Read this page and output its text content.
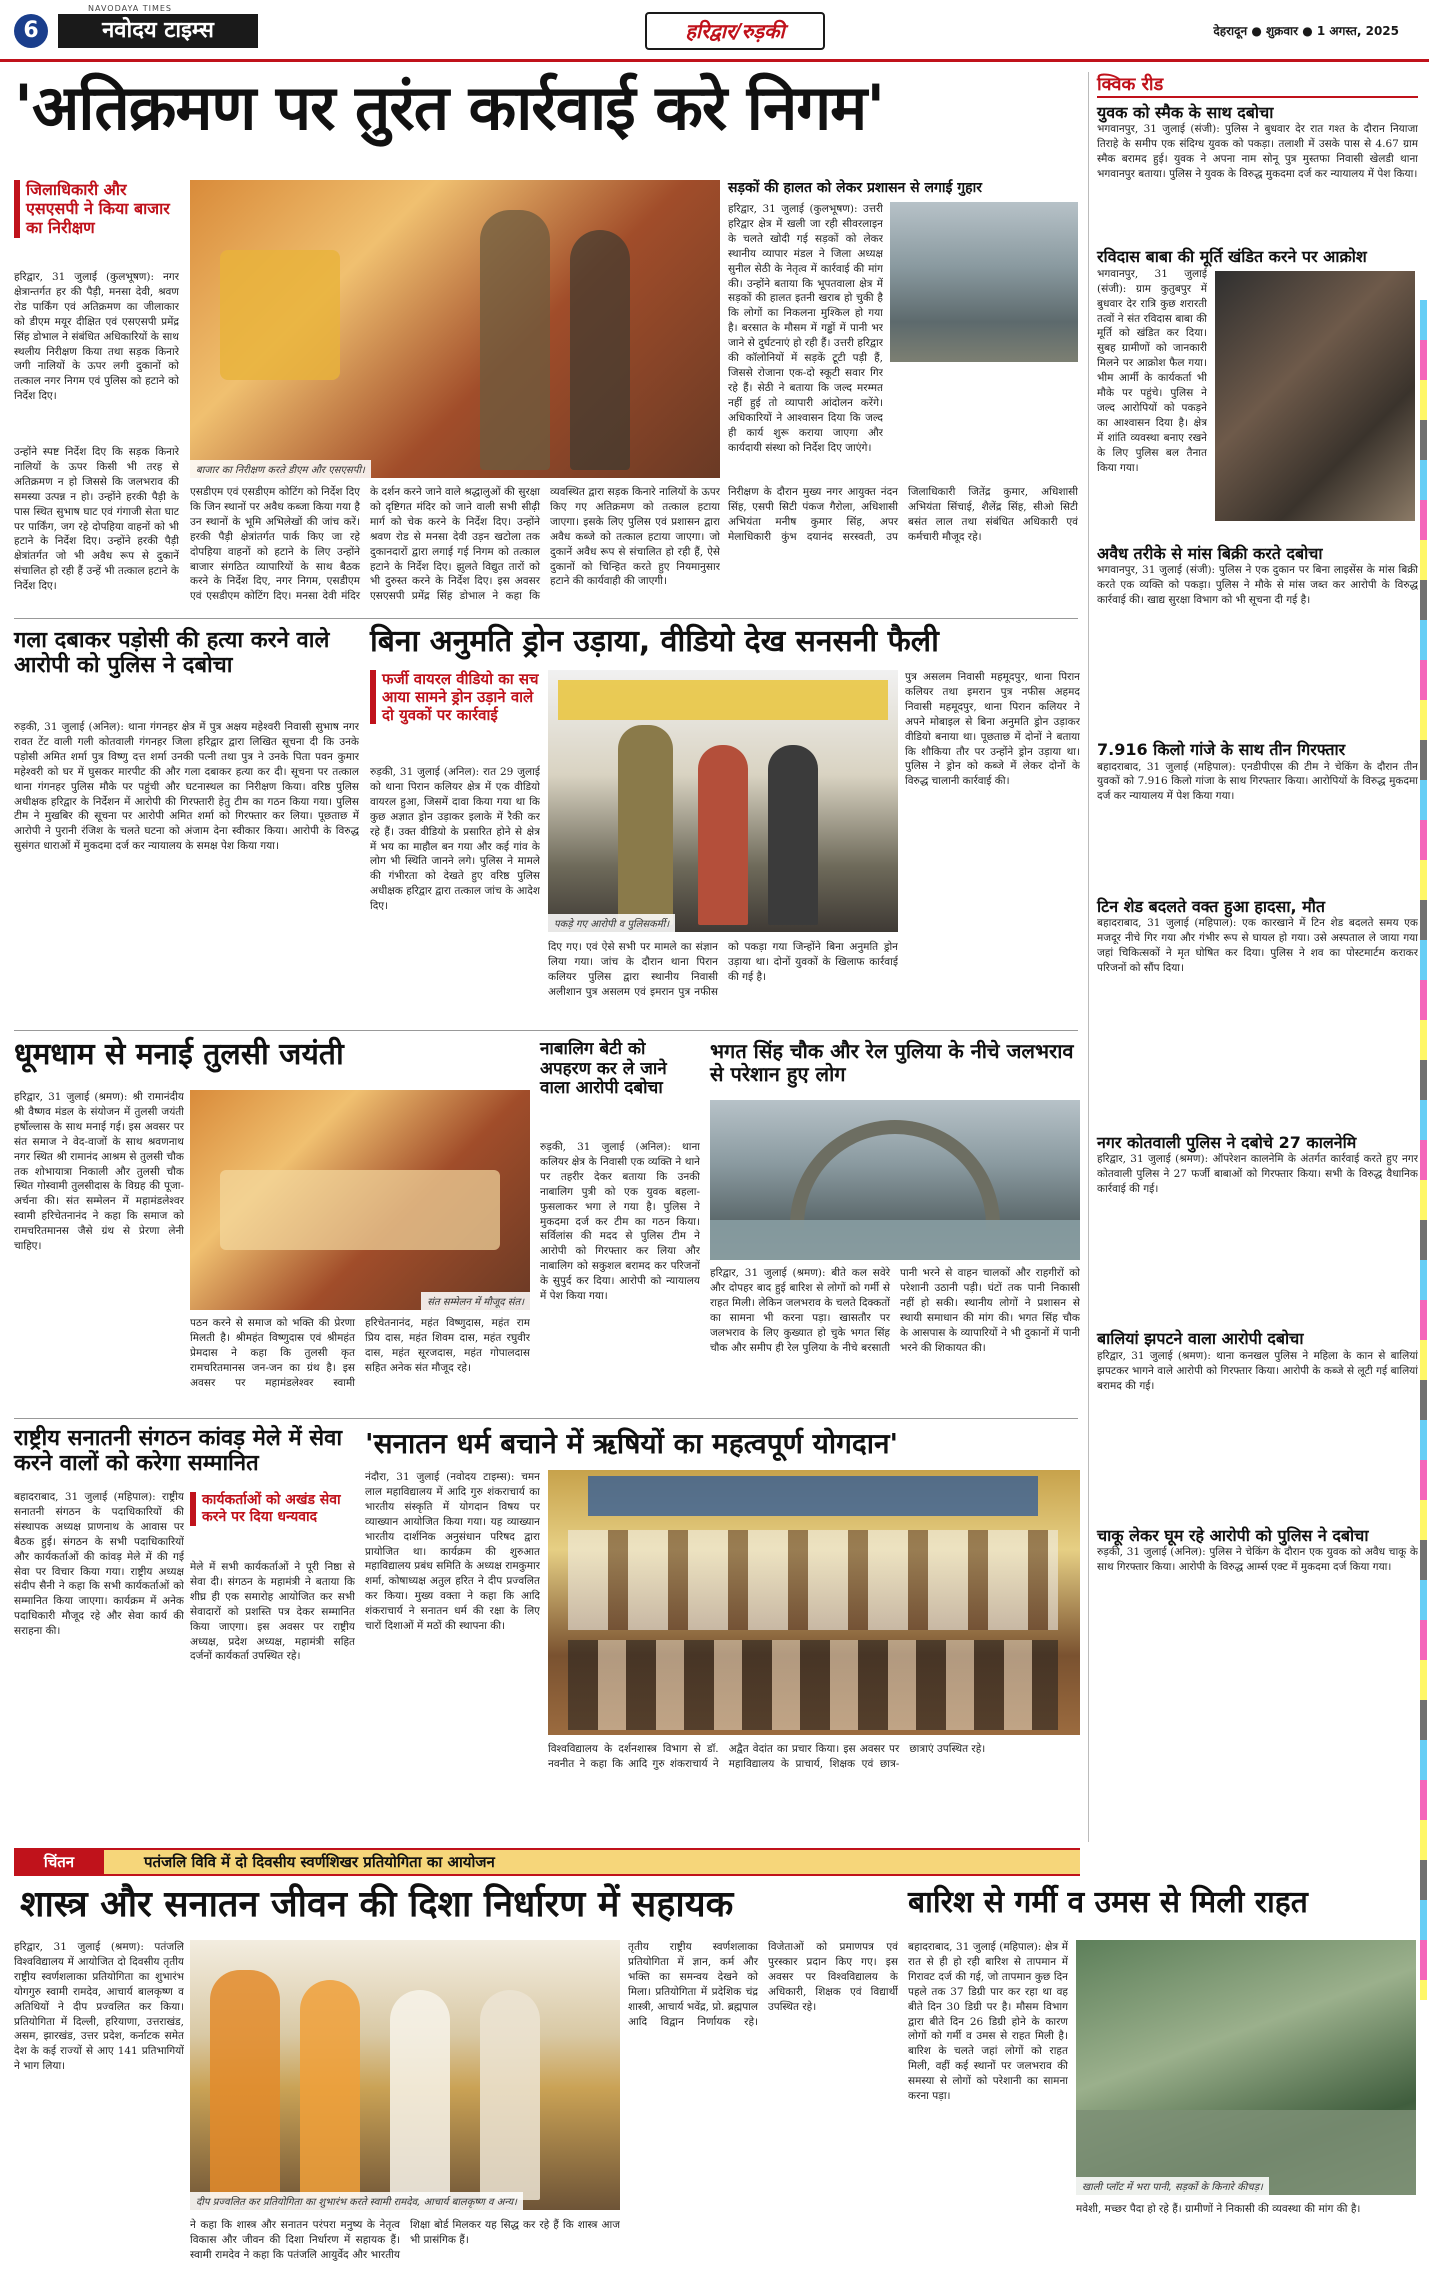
6
NAVODAYA TIMES
नवोदय टाइम्स	हरिद्वार/रुड़की	देहरादून ● शुक्रवार ● 1 अगस्त, 2025
'अतिक्रमण पर तुरंत कार्रवाई करे निगम'
जिलाधिकारी और एसएसपी ने किया बाजार का निरीक्षण
हरिद्वार, 31 जुलाई (कुलभूषण): नगर क्षेत्रान्तर्गत हर की पैड़ी, मनसा देवी, श्रवण रोड पार्किंग एवं अतिक्रमण का जीलाकार को डीएम मयूर दीक्षित एवं एसएसपी प्रमेंद्र सिंह डोभाल ने संबंधित अधिकारियों के साथ स्थलीय निरीक्षण किया तथा सड़क किनारे जगी नालियों के ऊपर लगी दुकानों को तत्काल नगर निगम एवं पुलिस को हटाने को निर्देश दिए।
उन्होंने स्पष्ट निर्देश दिए कि सड़क किनारे नालियों के ऊपर किसी भी तरह से अतिक्रमण न हो जिससे कि जलभराव की समस्या उत्पन्न न हो। उन्होंने हरकी पैड़ी के पास स्थित सुभाष घाट एवं गंगाजी सेता घाट पर पार्किंग, जग रहे दोपहिया वाहनों को भी हटाने के निर्देश दिए। उन्होंने हरकी पैड़ी क्षेत्रांतर्गत जो भी अवैध रूप से दुकानें संचालित हो रही हैं उन्हें भी तत्काल हटाने के निर्देश दिए।
बाजार का निरीक्षण करते डीएम और एसएसपी।
सड़कों की हालत को लेकर प्रशासन से लगाई गुहार
हरिद्वार, 31 जुलाई (कुलभूषण): उत्तरी हरिद्वार क्षेत्र में खली जा रही सीवरलाइन के चलते खोदी गई सड़कों को लेकर स्थानीय व्यापार मंडल ने जिला अध्यक्ष सुनील सेठी के नेतृत्व में कार्रवाई की मांग की। उन्होंने बताया कि भूपतवाला क्षेत्र में सड़कों की हालत इतनी खराब हो चुकी है कि लोगों का निकलना मुश्किल हो गया है। बरसात के मौसम में गड्ढों में पानी भर जाने से दुर्घटनाएं हो रही हैं। उत्तरी हरिद्वार की कॉलोनियों में सड़कें टूटी पड़ी हैं, जिससे रोजाना एक-दो स्कूटी सवार गिर रहे हैं। सेठी ने बताया कि जल्द मरम्मत नहीं हुई तो व्यापारी आंदोलन करेंगे। अधिकारियों ने आश्वासन दिया कि जल्द ही कार्य शुरू कराया जाएगा और कार्यदायी संस्था को निर्देश दिए जाएंगे।
एसडीएम एवं एसडीएम कोटिंग को निर्देश दिए कि जिन स्थानों पर अवैध कब्जा किया गया है उन स्थानों के भूमि अभिलेखों की जांच करें। हरकी पैड़ी क्षेत्रांतर्गत पार्क किए जा रहे दोपहिया वाहनों को हटाने के लिए उन्होंने बाजार संगठित व्यापारियों के साथ बैठक करने के निर्देश दिए, नगर निगम, एसडीएम एवं एसडीएम कोटिंग दिए। मनसा देवी मंदिर के दर्शन करने जाने वाले श्रद्धालुओं की सुरक्षा को दृष्टिगत मंदिर को जाने वाली सभी सीढ़ी मार्ग को चेक करने के निर्देश दिए। उन्होंने श्रवण रोड से मनसा देवी उड़न खटोला तक दुकानदारों द्वारा लगाई गई निगम को तत्काल हटाने के निर्देश दिए। झुलते विद्युत तारों को भी दुरुस्त करने के निर्देश दिए। इस अवसर एसएसपी प्रमेंद्र सिंह डोभाल ने कहा कि व्यवस्थित द्वारा सड़क किनारे नालियों के ऊपर किए गए अतिक्रमण को तत्काल हटाया जाएगा। इसके लिए पुलिस एवं प्रशासन द्वारा अवैध कब्जे को तत्काल हटाया जाएगा। जो दुकानें अवैध रूप से संचालित हो रही हैं, ऐसे दुकानों को चिन्हित करते हुए नियमानुसार हटाने की कार्यवाही की जाएगी।
निरीक्षण के दौरान मुख्य नगर आयुक्त नंदन सिंह, एसपी सिटी पंकज गैरोला, अधिशासी अभियंता मनीष कुमार सिंह, अपर मेलाधिकारी कुंभ दयानंद सरस्वती, उप जिलाधिकारी जितेंद्र कुमार, अधिशासी अभियंता सिंचाई, शैलेंद्र सिंह, सीओ सिटी बसंत लाल तथा संबंधित अधिकारी एवं कर्मचारी मौजूद रहे।
गला दबाकर पड़ोसी की हत्या करने वाले आरोपी को पुलिस ने दबोचा
रुड़की, 31 जुलाई (अनिल): थाना गंगनहर क्षेत्र में पुत्र अक्षय महेश्वरी निवासी सुभाष नगर रावत टेंट वाली गली कोतवाली गंगनहर जिला हरिद्वार द्वारा लिखित सूचना दी कि उनके पड़ोसी अमित शर्मा पुत्र विष्णु दत्त शर्मा उनकी पत्नी तथा पुत्र ने उनके पिता पवन कुमार महेश्वरी को घर में घुसकर मारपीट की और गला दबाकर हत्या कर दी। सूचना पर तत्काल थाना गंगनहर पुलिस मौके पर पहुंची और घटनास्थल का निरीक्षण किया। वरिष्ठ पुलिस अधीक्षक हरिद्वार के निर्देशन में आरोपी की गिरफ्तारी हेतु टीम का गठन किया गया। पुलिस टीम ने मुखबिर की सूचना पर आरोपी अमित शर्मा को गिरफ्तार कर लिया। पूछताछ में आरोपी ने पुरानी रंजिश के चलते घटना को अंजाम देना स्वीकार किया। आरोपी के विरुद्ध सुसंगत धाराओं में मुकदमा दर्ज कर न्यायालय के समक्ष पेश किया गया।
बिना अनुमति ड्रोन उड़ाया, वीडियो देख सनसनी फैली
फर्जी वायरल वीडियो का सच आया सामने ड्रोन उड़ाने वाले दो युवकों पर कार्रवाई
रुड़की, 31 जुलाई (अनिल): रात 29 जुलाई को थाना पिरान कलियर क्षेत्र में एक वीडियो वायरल हुआ, जिसमें दावा किया गया था कि कुछ अज्ञात ड्रोन उड़ाकर इलाके में रैकी कर रहे हैं। उक्त वीडियो के प्रसारित होने से क्षेत्र में भय का माहौल बन गया और कई गांव के लोग भी स्थिति जानने लगे। पुलिस ने मामले की गंभीरता को देखते हुए वरिष्ठ पुलिस अधीक्षक हरिद्वार द्वारा तत्काल जांच के आदेश दिए।
पकड़े गए आरोपी व पुलिसकर्मी।
दिए गए। एवं ऐसे सभी पर मामले का संज्ञान लिया गया। जांच के दौरान थाना पिरान कलियर पुलिस द्वारा स्थानीय निवासी अलीशान पुत्र असलम एवं इमरान पुत्र नफीस को पकड़ा गया जिन्होंने बिना अनुमति ड्रोन उड़ाया था। दोनों युवकों के खिलाफ कार्रवाई की गई है।
पुत्र असलम निवासी महमूदपुर, थाना पिरान कलियर तथा इमरान पुत्र नफीस अहमद निवासी महमूदपुर, थाना पिरान कलियर ने अपने मोबाइल से बिना अनुमति ड्रोन उड़ाकर वीडियो बनाया था। पूछताछ में दोनों ने बताया कि शौकिया तौर पर उन्होंने ड्रोन उड़ाया था। पुलिस ने ड्रोन को कब्जे में लेकर दोनों के विरुद्ध चालानी कार्रवाई की।
धूमधाम से मनाई तुलसी जयंती
हरिद्वार, 31 जुलाई (श्रमण): श्री रामानंदीय श्री वैष्णव मंडल के संयोजन में तुलसी जयंती हर्षोल्लास के साथ मनाई गई। इस अवसर पर संत समाज ने वेद-वाजों के साथ श्रवणनाथ नगर स्थित श्री रामानंद आश्रम से तुलसी चौक तक शोभायात्रा निकाली और तुलसी चौक स्थित गोस्वामी तुलसीदास के विग्रह की पूजा-अर्चना की। संत सम्मेलन में महामंडलेश्वर स्वामी हरिचेतनानंद ने कहा कि समाज को रामचरितमानस जैसे ग्रंथ से प्रेरणा लेनी चाहिए।
संत सम्मेलन में मौजूद संत।
पठन करने से समाज को भक्ति की प्रेरणा मिलती है। श्रीमहंत विष्णुदास एवं श्रीमहंत प्रेमदास ने कहा कि तुलसी कृत रामचरितमानस जन-जन का ग्रंथ है। इस अवसर पर महामंडलेश्वर स्वामी हरिचेतनानंद, महंत विष्णुदास, महंत राम प्रिय दास, महंत शिवम दास, महंत रघुवीर दास, महंत सूरजदास, महंत गोपालदास सहित अनेक संत मौजूद रहे।
नाबालिग बेटी को अपहरण कर ले जाने वाला आरोपी दबोचा
रुड़की, 31 जुलाई (अनिल): थाना कलियर क्षेत्र के निवासी एक व्यक्ति ने थाने पर तहरीर देकर बताया कि उनकी नाबालिग पुत्री को एक युवक बहला-फुसलाकर भगा ले गया है। पुलिस ने मुकदमा दर्ज कर टीम का गठन किया। सर्विलांस की मदद से पुलिस टीम ने आरोपी को गिरफ्तार कर लिया और नाबालिग को सकुशल बरामद कर परिजनों के सुपुर्द कर दिया। आरोपी को न्यायालय में पेश किया गया।
भगत सिंह चौक और रेल पुलिया के नीचे जलभराव से परेशान हुए लोग
हरिद्वार, 31 जुलाई (श्रमण): बीते कल सवेरे और दोपहर बाद हुई बारिश से लोगों को गर्मी से राहत मिली। लेकिन जलभराव के चलते दिक्कतों का सामना भी करना पड़ा। खासतौर पर जलभराव के लिए कुख्यात हो चुके भगत सिंह चौक और समीप ही रेल पुलिया के नीचे बरसाती पानी भरने से वाहन चालकों और राहगीरों को परेशानी उठानी पड़ी। घंटों तक पानी निकासी नहीं हो सकी। स्थानीय लोगों ने प्रशासन से स्थायी समाधान की मांग की। भगत सिंह चौक के आसपास के व्यापारियों ने भी दुकानों में पानी भरने की शिकायत की।
राष्ट्रीय सनातनी संगठन कांवड़ मेले में सेवा करने वालों को करेगा सम्मानित
बहादराबाद, 31 जुलाई (महिपाल): राष्ट्रीय सनातनी संगठन के पदाधिकारियों की संस्थापक अध्यक्ष प्राणनाथ के आवास पर बैठक हुई। संगठन के सभी पदाधिकारियों और कार्यकर्ताओं की कांवड़ मेले में की गई सेवा पर विचार किया गया। राष्ट्रीय अध्यक्ष संदीप सैनी ने कहा कि सभी कार्यकर्ताओं को सम्मानित किया जाएगा। कार्यक्रम में अनेक पदाधिकारी मौजूद रहे और सेवा कार्य की सराहना की।
कार्यकर्ताओं को अखंड सेवा करने पर दिया धन्यवाद
मेले में सभी कार्यकर्ताओं ने पूरी निष्ठा से सेवा दी। संगठन के महामंत्री ने बताया कि शीघ्र ही एक समारोह आयोजित कर सभी सेवादारों को प्रशस्ति पत्र देकर सम्मानित किया जाएगा। इस अवसर पर राष्ट्रीय अध्यक्ष, प्रदेश अध्यक्ष, महामंत्री सहित दर्जनों कार्यकर्ता उपस्थित रहे।
'सनातन धर्म बचाने में ऋषियों का महत्वपूर्ण योगदान'
नंदौरा, 31 जुलाई (नवोदय टाइम्स): चमन लाल महाविद्यालय में आदि गुरु शंकराचार्य का भारतीय संस्कृति में योगदान विषय पर व्याख्यान आयोजित किया गया। यह व्याख्यान भारतीय दार्शनिक अनुसंधान परिषद द्वारा प्रायोजित था। कार्यक्रम की शुरुआत महाविद्यालय प्रबंध समिति के अध्यक्ष रामकुमार शर्मा, कोषाध्यक्ष अतुल हरित ने दीप प्रज्वलित कर किया। मुख्य वक्ता ने कहा कि आदि शंकराचार्य ने सनातन धर्म की रक्षा के लिए चारों दिशाओं में मठों की स्थापना की।
विश्वविद्यालय के दर्शनशास्त्र विभाग से डॉ. नवनीत ने कहा कि आदि गुरु शंकराचार्य ने अद्वैत वेदांत का प्रचार किया। इस अवसर पर महाविद्यालय के प्राचार्य, शिक्षक एवं छात्र-छात्राएं उपस्थित रहे।
चिंतन	पतंजलि विवि में दो दिवसीय स्वर्णशिखर प्रतियोगिता का आयोजन
शास्त्र और सनातन जीवन की दिशा निर्धारण में सहायक
हरिद्वार, 31 जुलाई (श्रमण): पतंजलि विश्वविद्यालय में आयोजित दो दिवसीय तृतीय राष्ट्रीय स्वर्णशलाका प्रतियोगिता का शुभारंभ योगगुरु स्वामी रामदेव, आचार्य बालकृष्ण व अतिथियों ने दीप प्रज्वलित कर किया। प्रतियोगिता में दिल्ली, हरियाणा, उत्तराखंड, असम, झारखंड, उत्तर प्रदेश, कर्नाटक समेत देश के कई राज्यों से आए 141 प्रतिभागियों ने भाग लिया।
दीप प्रज्वलित कर प्रतियोगिता का शुभारंभ करते स्वामी रामदेव, आचार्य बालकृष्ण व अन्य।
ने कहा कि शास्त्र और सनातन परंपरा मनुष्य के नेतृत्व विकास और जीवन की दिशा निर्धारण में सहायक हैं। स्वामी रामदेव ने कहा कि पतंजलि आयुर्वेद और भारतीय शिक्षा बोर्ड मिलकर यह सिद्ध कर रहे हैं कि शास्त्र आज भी प्रासंगिक हैं।
तृतीय राष्ट्रीय स्वर्णशलाका प्रतियोगिता में ज्ञान, कर्म और भक्ति का समन्वय देखने को मिला। प्रतियोगिता में प्रदेशिक चंद्र शास्त्री, आचार्य भवेंद्र, प्रो. ब्रह्मपाल आदि विद्वान निर्णायक रहे। विजेताओं को प्रमाणपत्र एवं पुरस्कार प्रदान किए गए। इस अवसर पर विश्वविद्यालय के अधिकारी, शिक्षक एवं विद्यार्थी उपस्थित रहे।
बारिश से गर्मी व उमस से मिली राहत
बहादराबाद, 31 जुलाई (महिपाल): क्षेत्र में रात से ही हो रही बारिश से तापमान में गिरावट दर्ज की गई, जो तापमान कुछ दिन पहले तक 37 डिग्री पार कर रहा था वह बीते दिन 30 डिग्री पर है। मौसम विभाग द्वारा बीते दिन 26 डिग्री होने के कारण लोगों को गर्मी व उमस से राहत मिली है। बारिश के चलते जहां लोगों को राहत मिली, वहीं कई स्थानों पर जलभराव की समस्या से लोगों को परेशानी का सामना करना पड़ा।
खाली प्लॉट में भरा पानी, सड़कों के किनारे कीचड़।
मवेशी, मच्छर पैदा हो रहे हैं। ग्रामीणों ने निकासी की व्यवस्था की मांग की है।
क्विक रीड
युवक को स्मैक के साथ दबोचा
भगवानपुर, 31 जुलाई (संजी): पुलिस ने बुधवार देर रात गश्त के दौरान नियाजा तिराहे के समीप एक संदिग्ध युवक को पकड़ा। तलाशी में उसके पास से 4.67 ग्राम स्मैक बरामद हुई। युवक ने अपना नाम सोनू पुत्र मुस्तफा निवासी खेलडी थाना भगवानपुर बताया। पुलिस ने युवक के विरुद्ध मुकदमा दर्ज कर न्यायालय में पेश किया।
रविदास बाबा की मूर्ति खंडित करने पर आक्रोश
भगवानपुर, 31 जुलाई (संजी): ग्राम कुतुबपुर में बुधवार देर रात्रि कुछ शरारती तत्वों ने संत रविदास बाबा की मूर्ति को खंडित कर दिया। सुबह ग्रामीणों को जानकारी मिलने पर आक्रोश फैल गया। भीम आर्मी के कार्यकर्ता भी मौके पर पहुंचे। पुलिस ने जल्द आरोपियों को पकड़ने का आश्वासन दिया है। क्षेत्र में शांति व्यवस्था बनाए रखने के लिए पुलिस बल तैनात किया गया।
अवैध तरीके से मांस बिक्री करते दबोचा
भगवानपुर, 31 जुलाई (संजी): पुलिस ने एक दुकान पर बिना लाइसेंस के मांस बिक्री करते एक व्यक्ति को पकड़ा। पुलिस ने मौके से मांस जब्त कर आरोपी के विरुद्ध कार्रवाई की। खाद्य सुरक्षा विभाग को भी सूचना दी गई है।
7.916 किलो गांजे के साथ तीन गिरफ्तार
बहादराबाद, 31 जुलाई (महिपाल): एनडीपीएस की टीम ने चेकिंग के दौरान तीन युवकों को 7.916 किलो गांजा के साथ गिरफ्तार किया। आरोपियों के विरुद्ध मुकदमा दर्ज कर न्यायालय में पेश किया गया।
टिन शेड बदलते वक्त हुआ हादसा, मौत
बहादराबाद, 31 जुलाई (महिपाल): एक कारखाने में टिन शेड बदलते समय एक मजदूर नीचे गिर गया और गंभीर रूप से घायल हो गया। उसे अस्पताल ले जाया गया जहां चिकित्सकों ने मृत घोषित कर दिया। पुलिस ने शव का पोस्टमार्टम कराकर परिजनों को सौंप दिया।
नगर कोतवाली पुलिस ने दबोचे 27 कालनेमि
हरिद्वार, 31 जुलाई (श्रमण): ऑपरेशन कालनेमि के अंतर्गत कार्रवाई करते हुए नगर कोतवाली पुलिस ने 27 फर्जी बाबाओं को गिरफ्तार किया। सभी के विरुद्ध वैधानिक कार्रवाई की गई।
बालियां झपटने वाला आरोपी दबोचा
हरिद्वार, 31 जुलाई (श्रमण): थाना कनखल पुलिस ने महिला के कान से बालियां झपटकर भागने वाले आरोपी को गिरफ्तार किया। आरोपी के कब्जे से लूटी गई बालियां बरामद की गई।
चाकू लेकर घूम रहे आरोपी को पुलिस ने दबोचा
रुड़की, 31 जुलाई (अनिल): पुलिस ने चेकिंग के दौरान एक युवक को अवैध चाकू के साथ गिरफ्तार किया। आरोपी के विरुद्ध आर्म्स एक्ट में मुकदमा दर्ज किया गया।
